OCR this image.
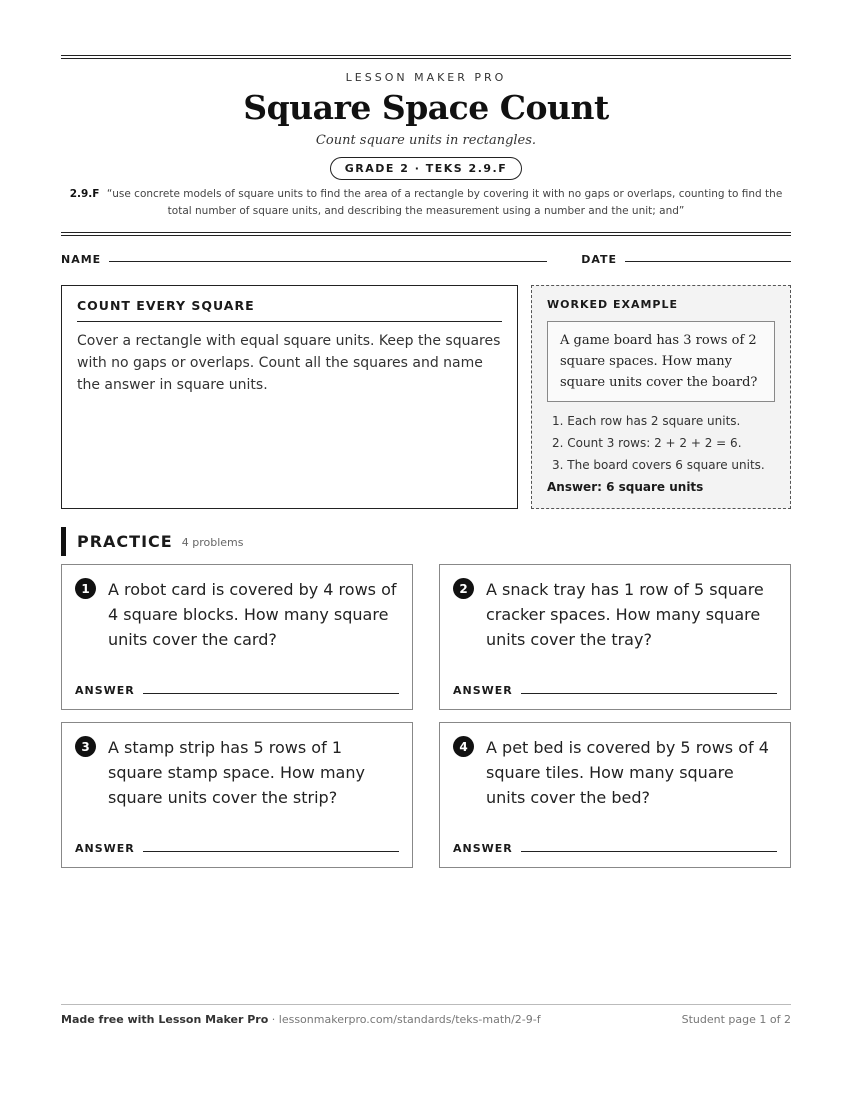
LESSON MAKER PRO
Square Space Count
Count square units in rectangles.
GRADE 2 · TEKS 2.9.F
2.9.F “use concrete models of square units to find the area of a rectangle by covering it with no gaps or overlaps, counting to find the total number of square units, and describing the measurement using a number and the unit; and”
NAME	DATE
COUNT EVERY SQUARE
Cover a rectangle with equal square units. Keep the squares with no gaps or overlaps. Count all the squares and name the answer in square units.
WORKED EXAMPLE
A game board has 3 rows of 2 square spaces. How many square units cover the board?
1. Each row has 2 square units.
2. Count 3 rows: 2 + 2 + 2 = 6.
3. The board covers 6 square units.
Answer: 6 square units
PRACTICE 4 problems
1	A robot card is covered by 4 rows of 4 square blocks. How many square units cover the card?
ANSWER
2	A snack tray has 1 row of 5 square cracker spaces. How many square units cover the tray?
ANSWER
3	A stamp strip has 5 rows of 1 square stamp space. How many square units cover the strip?
ANSWER
4	A pet bed is covered by 5 rows of 4 square tiles. How many square units cover the bed?
ANSWER
Made free with Lesson Maker Pro · lessonmakerpro.com/standards/teks-math/2-9-f	Student page 1 of 2
